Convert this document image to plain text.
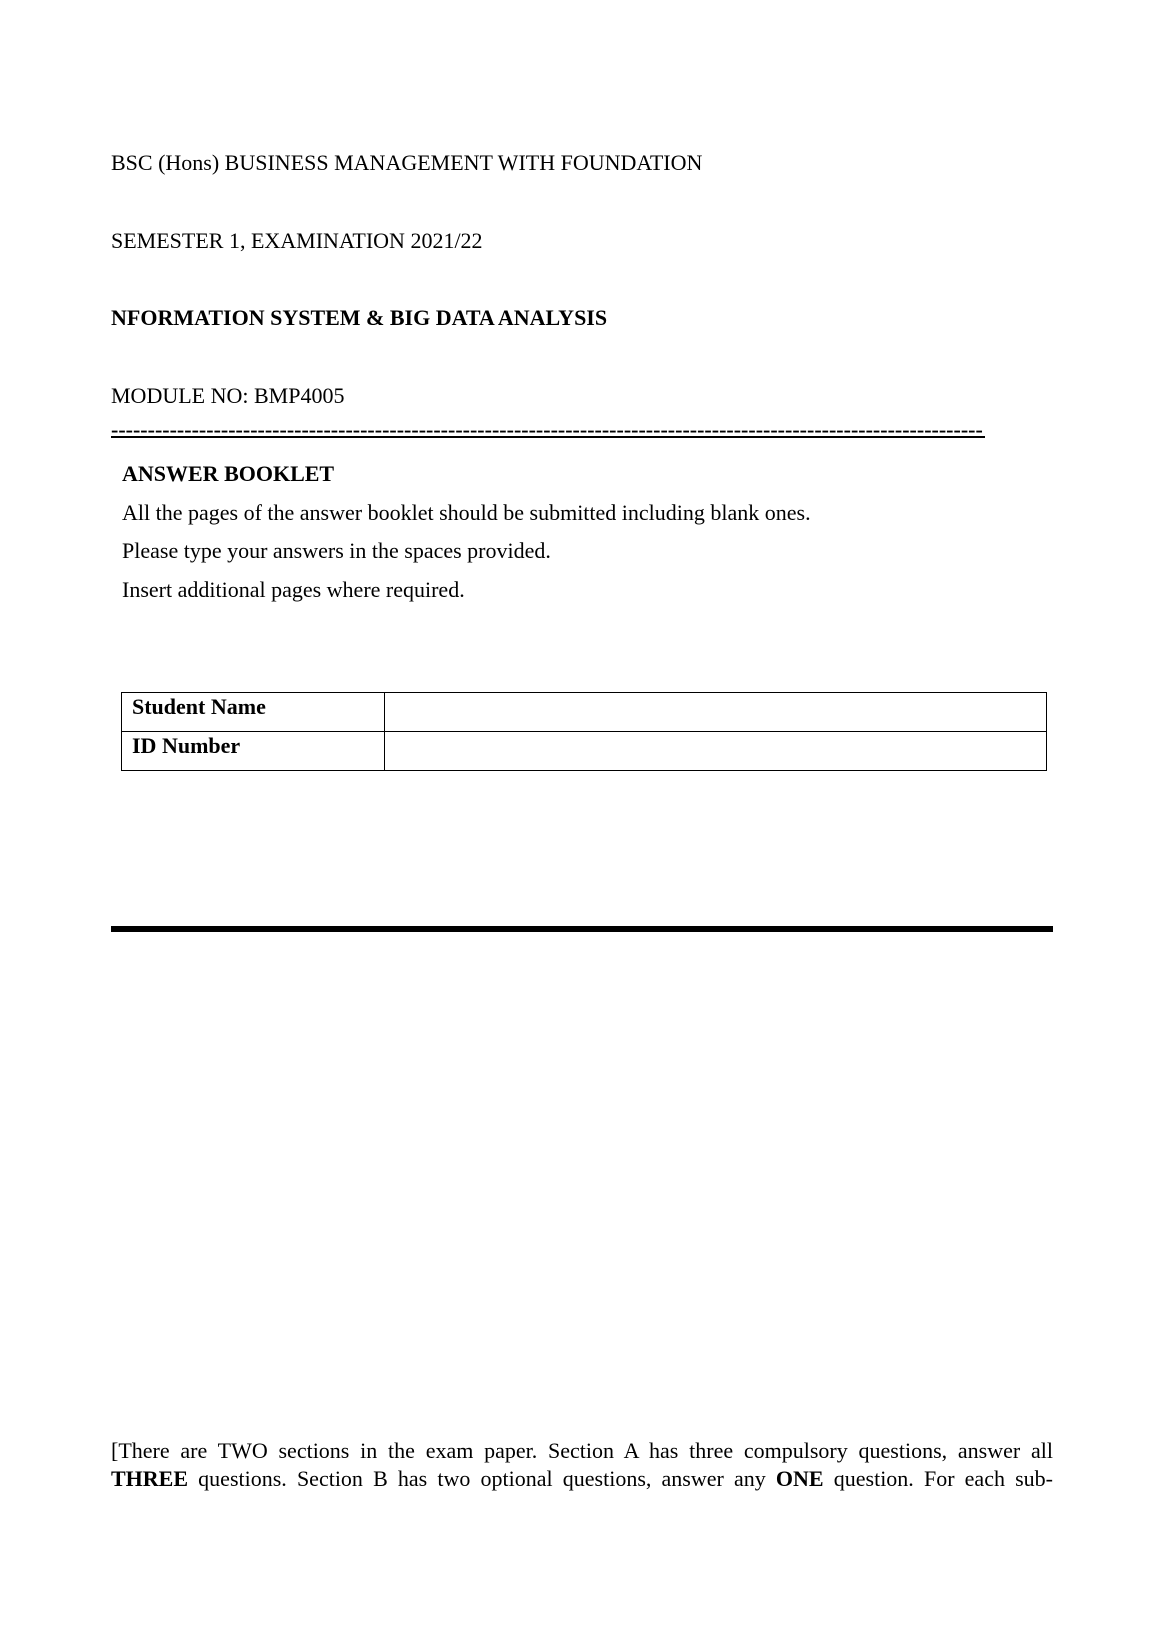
BSC (Hons) BUSINESS MANAGEMENT WITH FOUNDATION
SEMESTER 1, EXAMINATION 2021/22
NFORMATION SYSTEM & BIG DATA ANALYSIS
MODULE NO: BMP4005
-----------------------------------------------------------------------------------------------------------------------
ANSWER BOOKLET
All the pages of the answer booklet should be submitted including blank ones.
Please type your answers in the spaces provided.
Insert additional pages where required.
Student Name	
ID Number	
[There are TWO sections in the exam paper. Section A has three compulsory questions, answer all
THREE questions. Section B has two optional questions, answer any ONE question. For each sub-
